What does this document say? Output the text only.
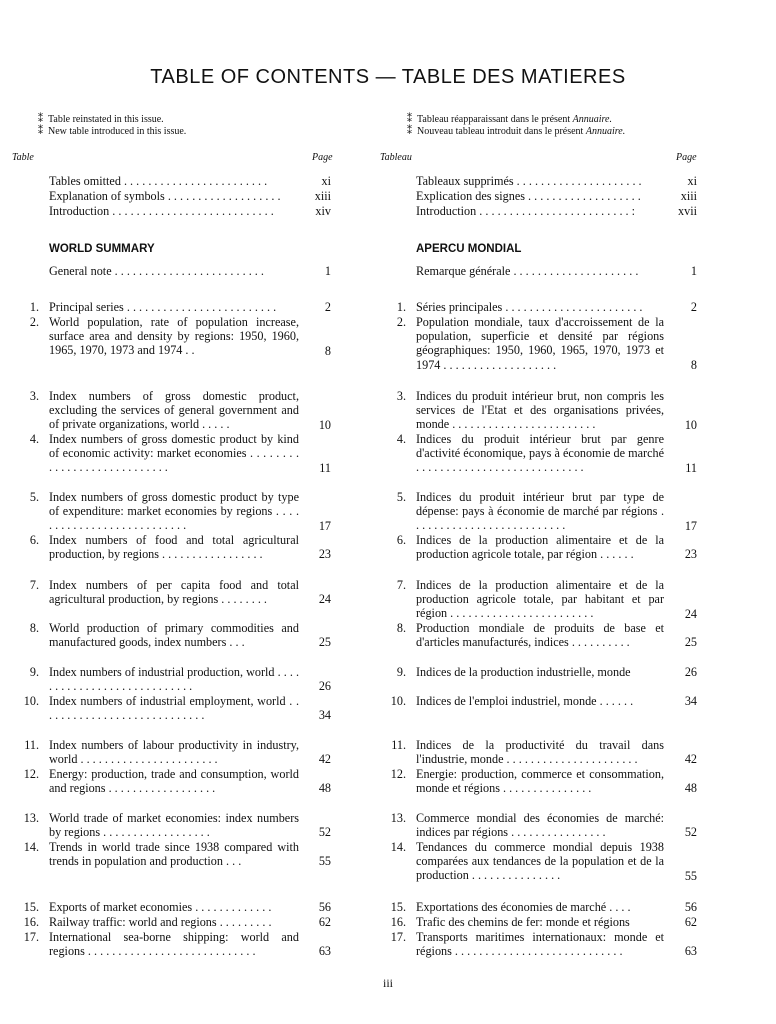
TABLE OF CONTENTS — TABLE DES MATIERES
⁑ Table reinstated in this issue.
⁑ New table introduced in this issue.
⁑ Tableau réapparaissant dans le présent Annuaire.
⁑ Nouveau tableau introduit dans le présent Annuaire.
Table	Page	Tableau	Page
WORLD SUMMARY	APERCU MONDIAL
Tables omitted . . . . . . . . . . . . . . . . . . . . . . . .	xi
Explanation of symbols . . . . . . . . . . . . . . . . . . .	xiii
Introduction . . . . . . . . . . . . . . . . . . . . . . . . . . .	xiv
General note . . . . . . . . . . . . . . . . . . . . . . . . .	1
1. Principal series . . . . . . . . . . . . . . . . . . . . . . . . .	2
2. World population, rate of population increase, surface area and density by regions: 1950, 1960, 1965, 1970, 1973 and 1974 . .	8
3. Index numbers of gross domestic product, excluding the services of general government and of private organizations, world . . . . .	10
4. Index numbers of gross domestic product by kind of economic activity: market economies . . . . . . . . . . . . . . . . . . . . . . . . . . . .	11
5. Index numbers of gross domestic product by type of expenditure: market economies by regions . . . . . . . . . . . . . . . . . . . . . . . . . . .	17
6. Index numbers of food and total agricultural production, by regions . . . . . . . . . . . . . . . . .	23
7. Index numbers of per capita food and total agricultural production, by regions . . . . . . . .	24
8. World production of primary commodities and manufactured goods, index numbers . . .	25
9. Index numbers of industrial production, world . . . . . . . . . . . . . . . . . . . . . . . . . . . .	26
10. Index numbers of industrial employment, world . . . . . . . . . . . . . . . . . . . . . . . . . . . .	34
11. Index numbers of labour productivity in industry, world . . . . . . . . . . . . . . . . . . . . . . .	42
12. Energy: production, trade and consumption, world and regions . . . . . . . . . . . . . . . . . .	48
13. World trade of market economies: index numbers by regions . . . . . . . . . . . . . . . . . .	52
14. Trends in world trade since 1938 compared with trends in population and production . . .	55
15. Exports of market economies . . . . . . . . . . . . .	56
16. Railway traffic: world and regions . . . . . . . . .	62
17. International sea-borne shipping: world and regions . . . . . . . . . . . . . . . . . . . . . . . . . . . .	63
Tableaux supprimés . . . . . . . . . . . . . . . . . . . . .	xi
Explication des signes . . . . . . . . . . . . . . . . . . .	xiii
Introduction . . . . . . . . . . . . . . . . . . . . . . . . . :	xvii
Remarque générale . . . . . . . . . . . . . . . . . . . . .	1
1. Séries principales . . . . . . . . . . . . . . . . . . . . . . .	2
2. Population mondiale, taux d'accroissement de la population, superficie et densité par régions géographiques: 1950, 1960, 1965, 1970, 1973 et 1974 . . . . . . . . . . . . . . . . . . .	8
3. Indices du produit intérieur brut, non compris les services de l'Etat et des organisations privées, monde . . . . . . . . . . . . . . . . . . . . . . . .	10
4. Indices du produit intérieur brut par genre d'activité économique, pays à économie de marché . . . . . . . . . . . . . . . . . . . . . . . . . . . .	11
5. Indices du produit intérieur brut par type de dépense: pays à économie de marché par régions . . . . . . . . . . . . . . . . . . . . . . . . . .	17
6. Indices de la production alimentaire et de la production agricole totale, par région . . . . . .	23
7. Indices de la production alimentaire et de la production agricole totale, par habitant et par région . . . . . . . . . . . . . . . . . . . . . . . .	24
8. Production mondiale de produits de base et d'articles manufacturés, indices . . . . . . . . . .	25
9. Indices de la production industrielle, monde	26
10. Indices de l'emploi industriel, monde . . . . . .	34
11. Indices de la productivité du travail dans l'industrie, monde . . . . . . . . . . . . . . . . . . . . . .	42
12. Energie: production, commerce et consommation, monde et régions . . . . . . . . . . . . . . .	48
13. Commerce mondial des économies de marché: indices par régions . . . . . . . . . . . . . . . .	52
14. Tendances du commerce mondial depuis 1938 comparées aux tendances de la population et de la production . . . . . . . . . . . . . . .	55
15. Exportations des économies de marché . . . .	56
16. Trafic des chemins de fer: monde et régions	62
17. Transports maritimes internationaux: monde et régions . . . . . . . . . . . . . . . . . . . . . . . . . . . .	63
iii
